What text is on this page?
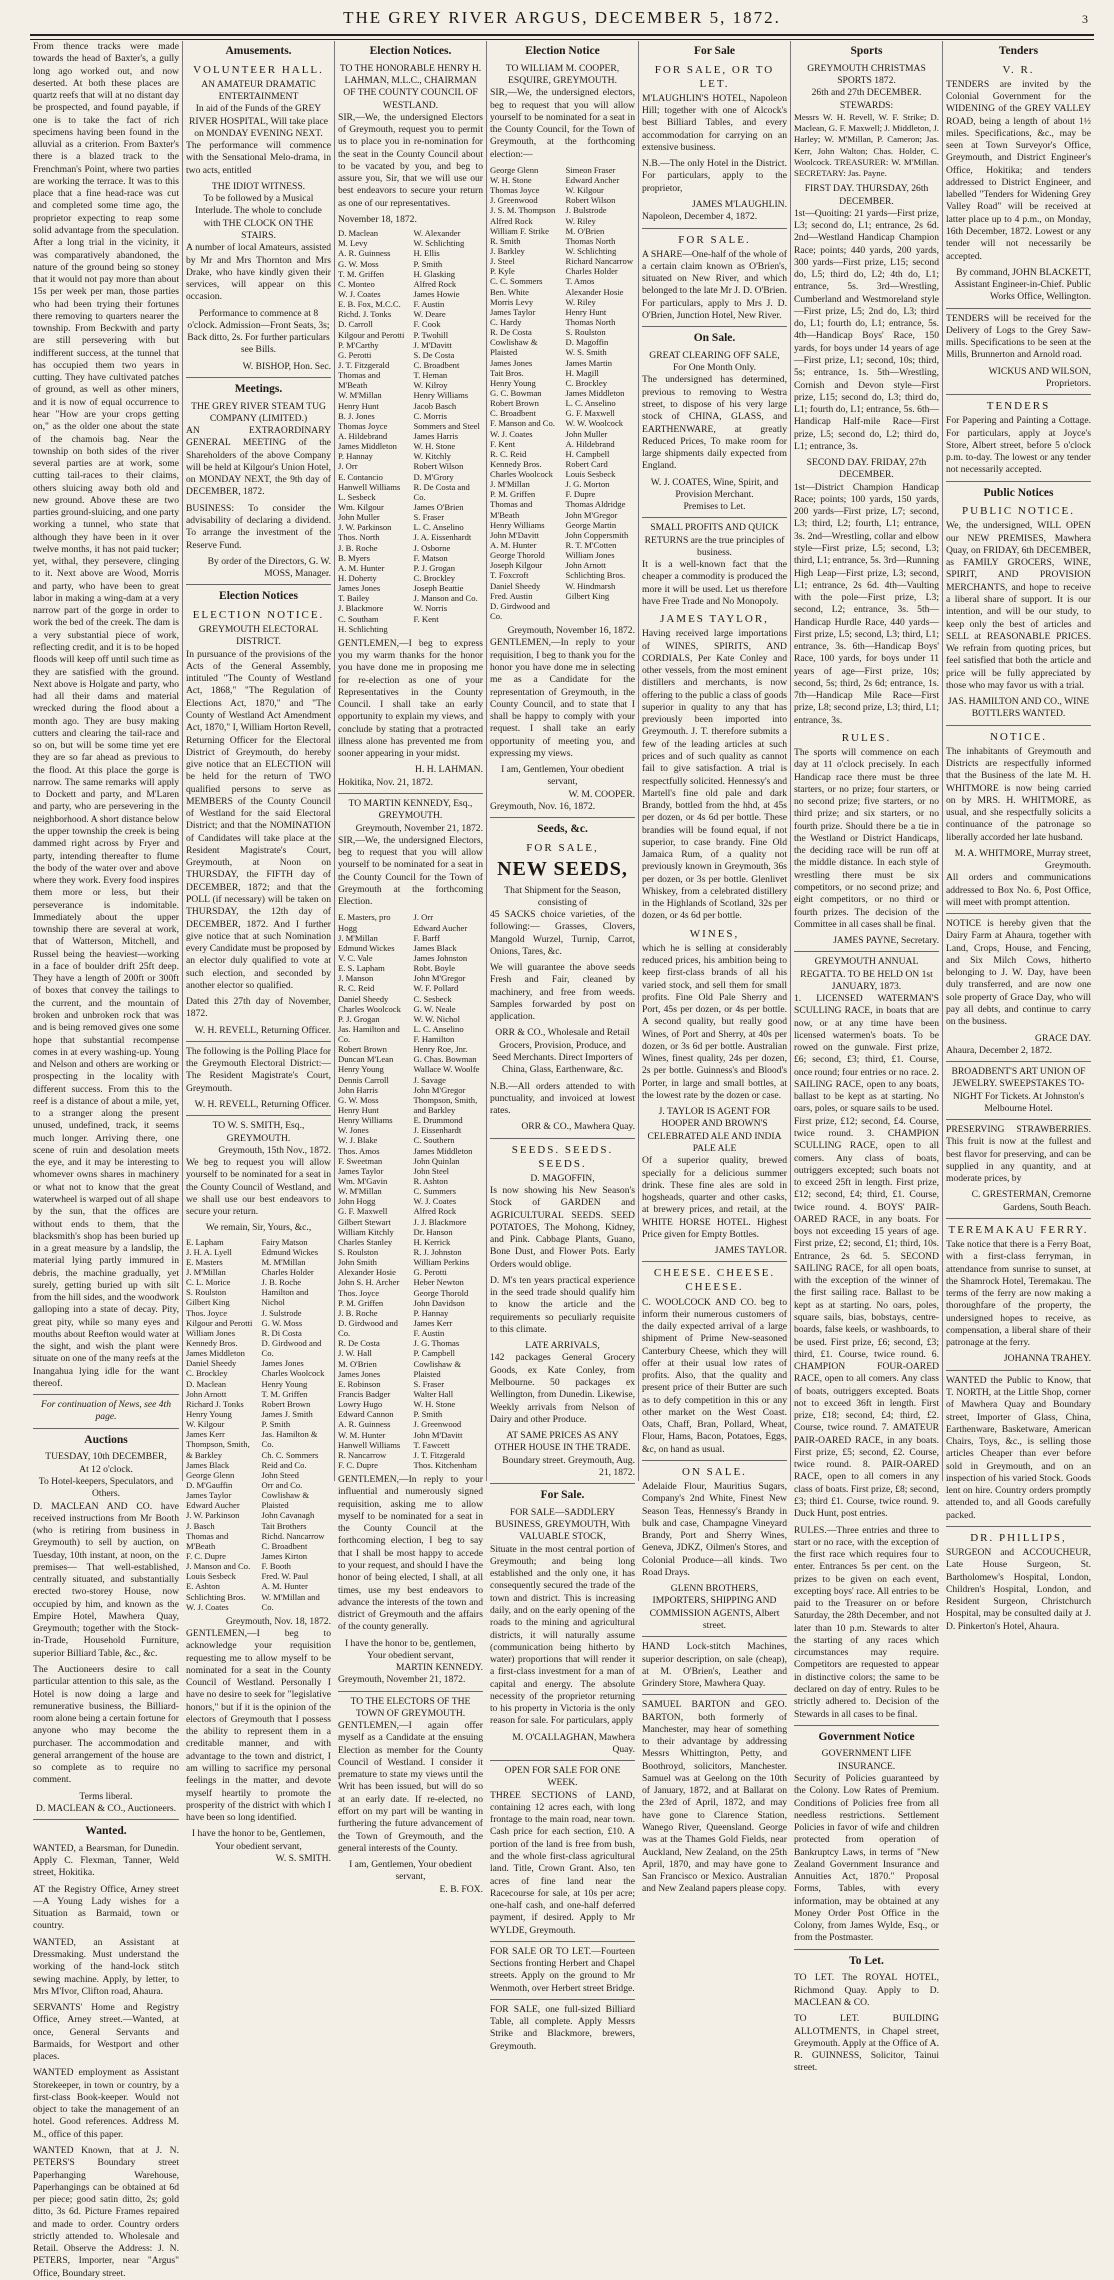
THE GREY RIVER ARGUS, DECEMBER 5, 1872.	3

From thence tracks were made towards the head of Baxter's, a gully long ago worked out, and now deserted. At both these places are quartz reefs that will at no distant day be prospected, and found payable, if one is to take the fact of rich specimens having been found in the alluvial as a criterion. From Baxter's there is a blazed track to the Frenchman's Point, where two parties are working the terrace. It was to this place that a fine head-race was cut and completed some time ago, the proprietor expecting to reap some solid advantage from the speculation. After a long trial in the vicinity, it was comparatively abandoned, the nature of the ground being so stoney that it would not pay more than about 15s per week per man, those parties who had been trying their fortunes there removing to quarters nearer the township. From Beckwith and party are still persevering with but indifferent success, at the tunnel that has occupied them two years in cutting. They have cultivated patches of ground, as well as other miners, and it is now of equal occurrence to hear "How are your crops getting on," as the older one about the state of the chamois bag. Near the township on both sides of the river several parties are at work, some cutting tail-races to their claims, others sluicing away both old and new ground. Above these are two parties ground-sluicing, and one party working a tunnel, who state that although they have been in it over twelve months, it has not paid tucker; yet, withal, they persevere, clinging to it. Next above are Wood, Morris and party, who have been to great labor in making a wing-dam at a very narrow part of the gorge in order to work the bed of the creek. The dam is a very substantial piece of work, reflecting credit, and it is to be hoped floods will keep off until such time as they are satisfied with the ground. Next above is Holgate and party, who had all their dams and material wrecked during the flood about a month ago. They are busy making cutters and clearing the tail-race and so on, but will be some time yet ere they are so far ahead as previous to the flood. At this place the gorge is narrow. The same remarks will apply to Dockett and party, and M'Laren and party, who are persevering in the neighborhood. A short distance below the upper township the creek is being dammed right across by Fryer and party, intending thereafter to flume the body of the water over and above where they work. Every food inspires them more or less, but their perseverance is indomitable. Immediately about the upper township there are several at work, that of Watterson, Mitchell, and Russel being the heaviest—working in a face of boulder drift 25ft deep. They have a length of 200ft or 300ft of boxes that convey the tailings to the current, and the mountain of broken and unbroken rock that was and is being removed gives one some hope that substantial recompense comes in at every washing-up. Young and Nelson and others are working or prospecting in the locality with different success. From this to the reef is a distance of about a mile, yet, to a stranger along the present unused, undefined, track, it seems much longer. Arriving there, one scene of ruin and desolation meets the eye, and it may be interesting to whomever owns shares in machinery or what not to know that the great waterwheel is warped out of all shape by the sun, that the offices are without ends to them, that the blacksmith's shop has been buried up in a great measure by a landslip, the material lying partly immured in debris, the machine gradually, yet surely, getting buried up with silt from the hill sides, and the woodwork galloping into a state of decay. Pity, great pity, while so many eyes and mouths about Reefton would water at the sight, and wish the plant were situate on one of the many reefs at the Inangahua lying idle for the want thereof.

For continuation of News, see 4th page.
Auctions
TUESDAY, 10th DECEMBER,
At 12 o'clock.
To Hotel-keepers, Speculators, and Others.

D. MACLEAN AND CO. have received instructions from Mr Booth (who is retiring from business in Greymouth) to sell by auction, on Tuesday, 10th instant, at noon, on the premises— That well-established, centrally situated, and substantially erected two-storey House, now occupied by him, and known as the Empire Hotel, Mawhera Quay, Greymouth; together with the Stock-in-Trade, Household Furniture, superior Billiard Table, &c., &c.

The Auctioneers desire to call particular attention to this sale, as the Hotel is now doing a large and remunerative business, the Billiard-room alone being a certain fortune for anyone who may become the purchaser. The accommodation and general arrangement of the house are so complete as to require no comment.

Terms liberal.
D. MACLEAN & CO., Auctioneers.
Wanted.

WANTED, a Bearsman, for Dunedin. Apply C. Flexman, Tanner, Weld street, Hokitika.

AT the Registry Office, Arney street—A Young Lady wishes for a Situation as Barmaid, town or country.

WANTED, an Assistant at Dressmaking. Must understand the working of the hand-lock stitch sewing machine. Apply, by letter, to Mrs M'Ivor, Clifton road, Ahaura.

SERVANTS' Home and Registry Office, Arney street.—Wanted, at once, General Servants and Barmaids, for Westport and other places.

WANTED employment as Assistant Storekeeper, in town or country, by a first-class Book-keeper. Would not object to take the management of an hotel. Good references. Address M. M., office of this paper.

WANTED Known, that at J. N. PETERS'S Boundary street Paperhanging Warehouse, Paperhangings can be obtained at 6d per piece; good satin ditto, 2s; gold ditto, 3s 6d. Picture Frames repaired and made to order. Country orders strictly attended to. Wholesale and Retail. Observe the Address: J. N. PETERS, Importer, near "Argus" Office, Boundary street.

Amusements.
VOLUNTEER HALL.
AN AMATEUR DRAMATIC ENTERTAINMENT
In aid of the Funds of the GREY RIVER HOSPITAL, Will take place on MONDAY EVENING NEXT.

The performance will commence with the Sensational Melo-drama, in two acts, entitled

THE IDIOT WITNESS.
To be followed by a Musical Interlude. The whole to conclude with THE CLOCK ON THE STAIRS.

A number of local Amateurs, assisted by Mr and Mrs Thornton and Mrs Drake, who have kindly given their services, will appear on this occasion.

Performance to commence at 8 o'clock. Admission—Front Seats, 3s; Back ditto, 2s. For further particulars see Bills.

W. BISHOP, Hon. Sec.
Meetings.
THE GREY RIVER STEAM TUG COMPANY (LIMITED.)

AN EXTRAORDINARY GENERAL MEETING of the Shareholders of the above Company will be held at Kilgour's Union Hotel, on MONDAY NEXT, the 9th day of DECEMBER, 1872.

BUSINESS: To consider the advisability of declaring a dividend. To arrange the investment of the Reserve Fund.

By order of the Directors, G. W. MOSS, Manager.
Election Notices
ELECTION NOTICE.
GREYMOUTH ELECTORAL DISTRICT.

In pursuance of the provisions of the Acts of the General Assembly, intituled "The County of Westland Act, 1868," "The Regulation of Elections Act, 1870," and "The County of Westland Act Amendment Act, 1870," I, William Horton Revell, Returning Officer for the Electoral District of Greymouth, do hereby give notice that an ELECTION will be held for the return of TWO qualified persons to serve as MEMBERS of the County Council of Westland for the said Electoral District; and that the NOMINATION of Candidates will take place at the Resident Magistrate's Court, Greymouth, at Noon on THURSDAY, the FIFTH day of DECEMBER, 1872; and that the POLL (if necessary) will be taken on THURSDAY, the 12th day of DECEMBER, 1872. And I further give notice that at such Nomination every Candidate must be proposed by an elector duly qualified to vote at such election, and seconded by another elector so qualified.

Dated this 27th day of November, 1872.

W. H. REVELL, Returning Officer.

The following is the Polling Place for the Greymouth Electoral District:— The Resident Magistrate's Court, Greymouth.

W. H. REVELL, Returning Officer.
TO W. S. SMITH, Esq., GREYMOUTH.
Greymouth, 15th Nov., 1872.

We beg to request you will allow yourself to be nominated for a seat in the County Council of Westland, and we shall use our best endeavors to secure your return.

We remain, Sir, Yours, &c.,
E. Lapham
J. H. A. Lyell
E. Masters
J. M'Millan
C. L. Morice
S. Roulston
Gilbert King
Thos. Joyce
Kilgour and Perotti
William Jones
Kennedy Bros.
James Middleton
Daniel Sheedy
C. Brockley
D. Maclean
John Arnott
Richard J. Tonks
Henry Young
W. Kilgour
James Kerr
Thompson, Smith, & Barkley
James Black
George Glenn
D. M'Gauffin
James Taylor
Edward Aucher
J. W. Parkinson
J. Basch
Thomas and M'Beath
F. C. Dupre
J. Manson and Co.
Louis Sesbeck
E. Ashton
Schlichting Bros.
W. J. Coates
Fairy Matson
Edmund Wickes
M. M'Millan
Charles Holder
J. B. Roche
Hamilton and Nichol
J. Sulstrode
G. W. Moss
R. Di Costa
D. Girdwood and Co.
James Jones
Charles Woolcock
Henry Young
T. M. Griffen
Robert Brown
James J. Smith
P. Smith
Jas. Hamilton & Co.
Ch. C. Sommers
Reid and Co.
John Steed
Orr and Co.
Cowlishaw & Plaisted
John Cavanagh
Tait Brothers
Richd. Nancarrow
C. Broadbent
James Kirton
F. Booth
Fred. W. Paul
A. M. Hunter
W. M'Millan and Co.
Greymouth, Nov. 18, 1872.

GENTLEMEN,—I beg to acknowledge your requisition requesting me to allow myself to be nominated for a seat in the County Council of Westland. Personally I have no desire to seek for "legislative honors," but if it is the opinion of the electors of Greymouth that I possess the ability to represent them in a creditable manner, and with advantage to the town and district, I am willing to sacrifice my personal feelings in the matter, and devote myself heartily to promote the prosperity of the district with which I have been so long identified.

I have the honor to be, Gentlemen, Your obedient servant,
W. S. SMITH.
Election Notices.
TO THE HONORABLE HENRY H. LAHMAN, M.L.C., CHAIRMAN OF THE COUNTY COUNCIL OF WESTLAND.

SIR,—We, the undersigned Electors of Greymouth, request you to permit us to place you in re-nomination for the seat in the County Council about to be vacated by you, and beg to assure you, Sir, that we will use our best endeavors to secure your return as one of our representatives.

November 18, 1872.
D. Maclean
M. Levy
A. R. Guinness
G. W. Moss
T. M. Griffen
C. Monteo
W. J. Coates
E. B. Fox, M.C.C.
Richd. J. Tonks
D. Carroll
Kilgour and Perotti
P. M'Carthy
G. Perotti
J. T. Fitzgerald
Thomas and M'Beath
W. M'Millan
Henry Hunt
B. J. Jones
Thomas Joyce
A. Hildebrand
James Middleton
P. Hannay
J. Orr
E. Contancio
Hanwell Williams
L. Sesbeck
Wm. Kilgour
John Muller
J. W. Parkinson
Thos. North
J. B. Roche
B. Myers
A. M. Hunter
H. Doherty
James Jones
T. Bailey
J. Blackmore
C. Southam
H. Schlichting
W. Alexander
W. Schlichting
H. Ellis
P. Smith
H. Glasking
Alfred Rock
James Howie
F. Austin
W. Deare
F. Cook
P. Twohill
J. M'Davitt
S. De Costa
C. Broadbent
T. Heman
W. Kilroy
Henry Williams
Jacob Basch
C. Morris
Sommers and Steel
James Harris
W. H. Stone
W. Kitchly
Robert Wilson
D. M'Grory
R. De Costa and Co.
James O'Brien
S. Fraser
L. C. Anselino
J. A. Eissenhardt
J. Osborne
F. Matson
P. J. Grogan
C. Brockley
Joseph Beattie
J. Manson and Co.
W. Norris
F. Kent

GENTLEMEN,—I beg to express you my warm thanks for the honor you have done me in proposing me for re-election as one of your Representatives in the County Council. I shall take an early opportunity to explain my views, and conclude by stating that a protracted illness alone has prevented me from sooner appearing in your midst.

H. H. LAHMAN.
Hokitika, Nov. 21, 1872.
TO MARTIN KENNEDY, Esq., GREYMOUTH.
Greymouth, November 21, 1872.

SIR,—We, the undersigned Electors, beg to request that you will allow yourself to be nominated for a seat in the County Council for the Town of Greymouth at the forthcoming Election.

E. Masters, pro Hogg
J. M'Millan
Edmund Wickes
V. C. Vale
E. S. Lapham
J. Manson
R. C. Reid
Daniel Sheedy
Charles Woolcock
P. J. Grogan
Jas. Hamilton and Co.
Robert Brown
Duncan M'Lean
Henry Young
Dennis Carroll
John Harris
G. W. Moss
Henry Hunt
Henry Williams
W. Jones
W. J. Blake
Thos. Amos
F. Sweetman
James Taylor
Wm. M'Gavin
W. M'Millan
John Hogg
G. F. Maxwell
Gilbert Stewart
William Kitchly
Charles Stanley
S. Roulston
John Smith
Alexander Hosie
John S. H. Archer
Thos. Joyce
P. M. Griffen
J. B. Roche
D. Girdwood and Co.
R. De Costa
J. W. Hall
M. O'Brien
James Jones
E. Robinson
Francis Badger
Lowry Hugo
Edward Cannon
A. R. Guinness
W. M. Hunter
Hanwell Williams
R. Nancarrow
F. C. Dupre
J. Orr
Edward Aucher
F. Barff
James Black
James Johnston
Robt. Boyle
John M'Gregor
W. F. Pollard
C. Sesbeck
G. W. Neale
W. W. Nichol
L. C. Anselino
F. Hamilton
Henry Roe, Jnr.
G. Chas. Bowman
Wallace W. Woolfe
J. Savage
John M'Gregor
Thompson, Smith, and Barkley
E. Drummond
J. Eissenhardt
C. Southern
James Middleton
John Quinlan
John Steel
R. Ashton
C. Summers
W. J. Coates
Alfred Rock
J. J. Blackmore
Dr. Hanson
H. Kerrick
R. J. Johnston
William Perkins
G. Perotti
Heber Newton
George Thorold
John Davidson
P. Hannay
James Kerr
F. Austin
J. G. Thomas
P. Campbell
Cowlishaw & Plaisted
S. Fraser
Walter Hall
W. H. Stone
P. Smith
J. Greenwood
John M'Davitt
T. Fawcett
J. T. Fitzgerald
Thos. Kitchenham

GENTLEMEN,—In reply to your influential and numerously signed requisition, asking me to allow myself to be nominated for a seat in the County Council at the forthcoming election, I beg to say that I shall be most happy to accede to your request, and should I have the honor of being elected, I shall, at all times, use my best endeavors to advance the interests of the town and district of Greymouth and the affairs of the county generally.

I have the honor to be, gentlemen, Your obedient servant,
MARTIN KENNEDY.
Greymouth, November 21, 1872.
TO THE ELECTORS OF THE TOWN OF GREYMOUTH.

GENTLEMEN,—I again offer myself as a Candidate at the ensuing Election as member for the County Council of Westland. I consider it premature to state my views until the Writ has been issued, but will do so at an early date. If re-elected, no effort on my part will be wanting in furthering the future advancement of the Town of Greymouth, and the general interests of the County.

I am, Gentlemen, Your obedient servant,
E. B. FOX.
Election Notice
TO WILLIAM M. COOPER, ESQUIRE, GREYMOUTH.

SIR,—We, the undersigned electors, beg to request that you will allow yourself to be nominated for a seat in the County Council, for the Town of Greymouth, at the forthcoming election:—

George Glenn
W. H. Stone
Thomas Joyce
J. Greenwood
J. S. M. Thompson
Alfred Rock
William F. Strike
R. Smith
J. Barkley
J. Steel
P. Kyle
C. C. Sommers
Ben. White
Morris Levy
James Taylor
C. Hardy
R. De Costa
Cowlishaw & Plaisted
James Jones
Tait Bros.
Henry Young
G. C. Bowman
Robert Brown
C. Broadbent
F. Manson and Co.
W. J. Coates
F. Kent
R. C. Reid
Kennedy Bros.
Charles Woolcock
J. M'Millan
P. M. Griffen
Thomas and M'Beath
Henry Williams
John M'Davitt
A. M. Hunter
George Thorold
Joseph Kilgour
T. Foxcroft
Daniel Sheedy
Fred. Austin
D. Girdwood and Co.
Simeon Fraser
Edward Ancher
W. Kilgour
Robert Wilson
J. Bulstrode
W. Riley
M. O'Brien
Thomas North
W. Schlichting
Richard Nancarrow
Charles Holder
T. Amos
Alexander Hosie
W. Riley
Henry Hunt
Thomas North
S. Roulston
D. Magoffin
W. S. Smith
James Martin
H. Magill
C. Brockley
James Middleton
L. C. Anselino
G. F. Maxwell
W. W. Woolcock
John Muller
A. Hildebrand
H. Campbell
Robert Card
Louis Sesbeck
J. G. Morton
F. Dupre
Thomas Aldridge
John M'Gregor
George Martin
John Coppersmith
R. T. M'Cotten
William Jones
John Arnott
Schlichting Bros.
W. Hindmarsh
Gilbert King
Greymouth, November 16, 1872.

GENTLEMEN,—In reply to your requisition, I beg to thank you for the honor you have done me in selecting me as a Candidate for the representation of Greymouth, in the County Council, and to state that I shall be happy to comply with your request. I shall take an early opportunity of meeting you, and expressing my views.

I am, Gentlemen, Your obedient servant,
W. M. COOPER.
Greymouth, Nov. 16, 1872.
Seeds, &c.
FOR SALE,
NEW SEEDS,
That Shipment for the Season, consisting of

45 SACKS choice varieties, of the following:— Grasses, Clovers, Mangold Wurzel, Turnip, Carrot, Onions, Tares, &c.

We will guarantee the above seeds Fresh and Fair, cleaned by machinery, and free from weeds. Samples forwarded by post on application.

ORR & CO., Wholesale and Retail Grocers, Provision, Produce, and Seed Merchants. Direct Importers of China, Glass, Earthenware, &c.

N.B.—All orders attended to with punctuality, and invoiced at lowest rates.

ORR & CO., Mawhera Quay.
SEEDS. SEEDS. SEEDS.
D. MAGOFFIN,

Is now showing his New Season's Stock of GARDEN and AGRICULTURAL SEEDS. SEED POTATOES, The Mohong, Kidney, and Pink. Cabbage Plants, Guano, Bone Dust, and Flower Pots. Early Orders would oblige.

D. M's ten years practical experience in the seed trade should qualify him to know the article and the requirements so peculiarly requisite to this climate.

LATE ARRIVALS,

142 packages General Grocery Goods, ex Kate Conley, from Melbourne. 50 packages ex Wellington, from Dunedin. Likewise, Weekly arrivals from Nelson of Dairy and other Produce.

AT SAME PRICES AS ANY OTHER HOUSE IN THE TRADE.
Boundary street. Greymouth, Aug. 21, 1872.
For Sale.
FOR SALE—SADDLERY BUSINESS, GREYMOUTH, With VALUABLE STOCK,

Situate in the most central portion of Greymouth; and being long established and the only one, it has consequently secured the trade of the town and district. This is increasing daily, and on the early opening of the roads to the mining and agricultural districts, it will naturally assume (communication being hitherto by water) proportions that will render it a first-class investment for a man of capital and energy. The absolute necessity of the proprietor returning to his property in Victoria is the only reason for sale. For particulars, apply

M. O'CALLAGHAN, Mawhera Quay.
OPEN FOR SALE FOR ONE WEEK.

THREE SECTIONS of LAND, containing 12 acres each, with long frontage to the main road, near town. Cash price for each section, £10. A portion of the land is free from bush, and the whole first-class agricultural land. Title, Crown Grant. Also, ten acres of fine land near the Racecourse for sale, at 10s per acre; one-half cash, and one-half deferred payment, if desired. Apply to Mr WYLDE, Greymouth.

FOR SALE OR TO LET.—Fourteen Sections fronting Herbert and Chapel streets. Apply on the ground to Mr Wenmoth, over Herbert street Bridge.

FOR SALE, one full-sized Billiard Table, all complete. Apply Messrs Strike and Blackmore, brewers, Greymouth.

For Sale
FOR SALE, OR TO LET.

M'LAUGHLIN'S HOTEL, Napoleon Hill; together with one of Alcock's best Billiard Tables, and every accommodation for carrying on an extensive business.

N.B.—The only Hotel in the District. For particulars, apply to the proprietor,

JAMES M'LAUGHLIN.
Napoleon, December 4, 1872.
FOR SALE.

A SHARE—One-half of the whole of a certain claim known as O'Brien's, situated on New River, and which belonged to the late Mr J. D. O'Brien. For particulars, apply to Mrs J. D. O'Brien, Junction Hotel, New River.

On Sale.
GREAT CLEARING OFF SALE, For One Month Only.

The undersigned has determined, previous to removing to Westra street, to dispose of his very large stock of CHINA, GLASS, and EARTHENWARE, at greatly Reduced Prices, To make room for large shipments daily expected from England.

W. J. COATES, Wine, Spirit, and Provision Merchant.
Premises to Let.
SMALL PROFITS AND QUICK RETURNS are the true principles of business.

It is a well-known fact that the cheaper a commodity is produced the more it will be used. Let us therefore have Free Trade and No Monopoly.

JAMES TAYLOR,

Having received large importations of WINES, SPIRITS, AND CORDIALS, Per Kate Conley and other vessels, from the most eminent distillers and merchants, is now offering to the public a class of goods superior in quality to any that has previously been imported into Greymouth. J. T. therefore submits a few of the leading articles at such prices and of such quality as cannot fail to give satisfaction. A trial is respectfully solicited. Hennessy's and Martell's fine old pale and dark Brandy, bottled from the hhd, at 45s per dozen, or 4s 6d per bottle. These brandies will be found equal, if not superior, to case brandy. Fine Old Jamaica Rum, of a quality not previously known in Greymouth, 36s per dozen, or 3s per bottle. Glenlivet Whiskey, from a celebrated distillery in the Highlands of Scotland, 32s per dozen, or 4s 6d per bottle.

WINES,

which he is selling at considerably reduced prices, his ambition being to keep first-class brands of all his varied stock, and sell them for small profits. Fine Old Pale Sherry and Port, 45s per dozen, or 4s per bottle. A second quality, but really good Wines, of Port and Sherry, at 40s per dozen, or 3s 6d per bottle. Australian Wines, finest quality, 24s per dozen, 2s per bottle. Guinness's and Blood's Porter, in large and small bottles, at the lowest rate by the dozen or case.

J. TAYLOR IS AGENT FOR HOOPER AND BROWN'S CELEBRATED ALE AND INDIA PALE ALE

Of a superior quality, brewed specially for a delicious summer drink. These fine ales are sold in hogsheads, quarter and other casks, at brewery prices, and retail, at the WHITE HORSE HOTEL. Highest Price given for Empty Bottles.

JAMES TAYLOR.
CHEESE. CHEESE. CHEESE.

C. WOOLCOCK AND CO. beg to inform their numerous customers of the daily expected arrival of a large shipment of Prime New-seasoned Canterbury Cheese, which they will offer at their usual low rates of profits. Also, that the quality and present price of their Butter are such as to defy competition in this or any other market on the West Coast. Oats, Chaff, Bran, Pollard, Wheat, Flour, Hams, Bacon, Potatoes, Eggs, &c, on hand as usual.

ON SALE.

Adelaide Flour, Mauritius Sugars, Company's 2nd White, Finest New Season Teas, Hennessy's Brandy in bulk and case, Champagne Vineyard Brandy, Port and Sherry Wines, Geneva, JDKZ, Oilmen's Stores, and Colonial Produce—all kinds. Two Road Drays.

GLENN BROTHERS, IMPORTERS, SHIPPING AND COMMISSION AGENTS, Albert street.

HAND Lock-stitch Machines, superior description, on sale (cheap), at M. O'Brien's, Leather and Grindery Store, Mawhera Quay.

SAMUEL BARTON and GEO. BARTON, both formerly of Manchester, may hear of something to their advantage by addressing Messrs Whittington, Petty, and Boothroyd, solicitors, Manchester. Samuel was at Geelong on the 10th of January, 1872, and at Ballarat on the 23rd of April, 1872, and may have gone to Clarence Station, Wanego River, Queensland. George was at the Thames Gold Fields, near Auckland, New Zealand, on the 25th April, 1870, and may have gone to San Francisco or Mexico. Australian and New Zealand papers please copy.

Sports
GREYMOUTH CHRISTMAS SPORTS 1872.
26th and 27th DECEMBER.
STEWARDS:

Messrs W. H. Revell, W. F. Strike; D. Maclean, G. F. Maxwell; J. Middleton, J. Harley; W. M'Millan, P. Cameron; Jas. Kerr, John Walton; Chas. Holder, C. Woolcock. TREASURER: W. M'Millan. SECRETARY: Jas. Payne.

FIRST DAY. THURSDAY, 26th DECEMBER.

1st—Quoiting: 21 yards—First prize, L3; second do, L1; entrance, 2s 6d. 2nd—Westland Handicap Champion Race; points; 440 yards, 200 yards, 300 yards—First prize, L15; second do, L5; third do, L2; 4th do, L1; entrance, 5s. 3rd—Wrestling, Cumberland and Westmoreland style—First prize, L5; 2nd do, L3; third do, L1; fourth do, L1; entrance, 5s. 4th—Handicap Boys' Race, 150 yards, for boys under 14 years of age—First prize, L1; second, 10s; third, 5s; entrance, 1s. 5th—Wrestling, Cornish and Devon style—First prize, L15; second do, L3; third do, L1; fourth do, L1; entrance, 5s. 6th—Handicap Half-mile Race—First prize, L5; second do, L2; third do, L1; entrance, 3s.

SECOND DAY. FRIDAY, 27th DECEMBER.

1st—District Champion Handicap Race; points; 100 yards, 150 yards, 200 yards—First prize, L7; second, L3; third, L2; fourth, L1; entrance, 3s. 2nd—Wrestling, collar and elbow style—First prize, L5; second, L3; third, L1; entrance, 5s. 3rd—Running High Leap—First prize, L3; second, L1; entrance, 2s 6d. 4th—Vaulting with the pole—First prize, L3; second, L2; entrance, 3s. 5th—Handicap Hurdle Race, 440 yards—First prize, L5; second, L3; third, L1; entrance, 3s. 6th—Handicap Boys' Race, 100 yards, for boys under 11 years of age—First prize, 10s; second, 5s; third, 2s 6d; entrance, 1s. 7th—Handicap Mile Race—First prize, L8; second prize, L3; third, L1; entrance, 3s.

RULES.

The sports will commence on each day at 11 o'clock precisely. In each Handicap race there must be three starters, or no prize; four starters, or no second prize; five starters, or no third prize; and six starters, or no fourth prize. Should there be a tie in the Westland or District Handicaps, the deciding race will be run off at the middle distance. In each style of wrestling there must be six competitors, or no second prize; and eight competitors, or no third or fourth prizes. The decision of the Committee in all cases shall be final.

JAMES PAYNE, Secretary.
GREYMOUTH ANNUAL REGATTA. TO BE HELD ON 1st JANUARY, 1873.

1. LICENSED WATERMAN'S SCULLING RACE, in boats that are now, or at any time have been licensed watermen's boats. To be rowed on the gunwale. First prize, £6; second, £3; third, £1. Course, once round; four entries or no race. 2. SAILING RACE, open to any boats, ballast to be kept as at starting. No oars, poles, or square sails to be used. First prize, £12; second, £4. Course, twice round. 3. CHAMPION SCULLING RACE, open to all comers. Any class of boats, outriggers excepted; such boats not to exceed 25ft in length. First prize, £12; second, £4; third, £1. Course, twice round. 4. BOYS' PAIR-OARED RACE, in any boats. For boys not exceeding 15 years of age. First prize, £2; second, £1; third, 10s. Entrance, 2s 6d. 5. SECOND SAILING RACE, for all open boats, with the exception of the winner of the first sailing race. Ballast to be kept as at starting. No oars, poles, square sails, bias, bobstays, centre-boards, false keels, or washboards, to be used. First prize, £6; second, £3; third, £1. Course, twice round. 6. CHAMPION FOUR-OARED RACE, open to all comers. Any class of boats, outriggers excepted. Boats not to exceed 36ft in length. First prize, £18; second, £4; third, £2. Course, twice round. 7. AMATEUR PAIR-OARED RACE, in any boats. First prize, £5; second, £2. Course, twice round. 8. PAIR-OARED RACE, open to all comers in any class of boats. First prize, £8; second, £3; third £1. Course, twice round. 9. Duck Hunt, post entries.

RULES.—Three entries and three to start or no race, with the exception of the first race which requires four to enter. Entrances 5s per cent. on the prizes to be given on each event, excepting boys' race. All entries to be paid to the Treasurer on or before Saturday, the 28th December, and not later than 10 p.m. Stewards to alter the starting of any races which circumstances may require. Competitors are requested to appear in distinctive colors; the same to be declared on day of entry. Rules to be strictly adhered to. Decision of the Stewards in all cases to be final.

Government Notice
GOVERNMENT LIFE INSURANCE.

Security of Policies guaranteed by the Colony. Low Rates of Premium. Conditions of Policies free from all needless restrictions. Settlement Policies in favor of wife and children protected from operation of Bankruptcy Laws, in terms of "New Zealand Government Insurance and Annuities Act, 1870." Proposal Forms, Tables, with every information, may be obtained at any Money Order Post Office in the Colony, from James Wylde, Esq., or from the Postmaster.

To Let.

TO LET. The ROYAL HOTEL, Richmond Quay. Apply to D. MACLEAN & CO.

TO LET. BUILDING ALLOTMENTS, in Chapel street, Greymouth. Apply at the Office of A. R. GUINNESS, Solicitor, Tainui street.

Tenders
V. R.

TENDERS are invited by the Colonial Government for the WIDENING of the GREY VALLEY ROAD, being a length of about 1½ miles. Specifications, &c., may be seen at Town Surveyor's Office, Greymouth, and District Engineer's Office, Hokitika; and tenders addressed to District Engineer, and labelled "Tenders for Widening Grey Valley Road" will be received at latter place up to 4 p.m., on Monday, 16th December, 1872. Lowest or any tender will not necessarily be accepted.

By command, JOHN BLACKETT, Assistant Engineer-in-Chief. Public Works Office, Wellington.

TENDERS will be received for the Delivery of Logs to the Grey Saw-mills. Specifications to be seen at the Mills, Brunnerton and Arnold road.

WICKUS AND WILSON, Proprietors.
TENDERS

For Papering and Painting a Cottage. For particulars, apply at Joyce's Store, Albert street, before 5 o'clock p.m. to-day. The lowest or any tender not necessarily accepted.

Public Notices
PUBLIC NOTICE.

We, the undersigned, WILL OPEN our NEW PREMISES, Mawhera Quay, on FRIDAY, 6th DECEMBER, as FAMILY GROCERS, WINE, SPIRIT, AND PROVISION MERCHANTS, and hope to receive a liberal share of support. It is our intention, and will be our study, to keep only the best of articles and SELL at REASONABLE PRICES. We refrain from quoting prices, but feel satisfied that both the article and price will be fully appreciated by those who may favor us with a trial.

JAS. HAMILTON AND CO., WINE BOTTLERS WANTED.
NOTICE.

The inhabitants of Greymouth and Districts are respectfully informed that the Business of the late M. H. WHITMORE is now being carried on by MRS. H. WHITMORE, as usual, and she respectfully solicits a continuance of the patronage so liberally accorded her late husband.

M. A. WHITMORE, Murray street, Greymouth.

All orders and communications addressed to Box No. 6, Post Office, will meet with prompt attention.

NOTICE is hereby given that the Dairy Farm at Ahaura, together with Land, Crops, House, and Fencing, and Six Milch Cows, hitherto belonging to J. W. Day, have been duly transferred, and are now one sole property of Grace Day, who will pay all debts, and continue to carry on the business.

GRACE DAY.
Ahaura, December 2, 1872.

BROADBENT'S ART UNION OF JEWELRY. SWEEPSTAKES TO-NIGHT For Tickets. At Johnston's Melbourne Hotel.

PRESERVING STRAWBERRIES. This fruit is now at the fullest and best flavor for preserving, and can be supplied in any quantity, and at moderate prices, by

C. GRESTERMAN, Cremorne Gardens, South Beach.
TEREMAKAU FERRY.

Take notice that there is a Ferry Boat, with a first-class ferryman, in attendance from sunrise to sunset, at the Shamrock Hotel, Teremakau. The terms of the ferry are now making a thoroughfare of the property, the undersigned hopes to receive, as compensation, a liberal share of their patronage at the ferry.

JOHANNA TRAHEY.

WANTED the Public to Know, that T. NORTH, at the Little Shop, corner of Mawhera Quay and Boundary street, Importer of Glass, China, Earthenware, Basketware, American Chairs, Toys, &c., is selling those articles Cheaper than ever before sold in Greymouth, and on an inspection of his varied Stock. Goods lent on hire. Country orders promptly attended to, and all Goods carefully packed.

DR. PHILLIPS,

SURGEON and ACCOUCHEUR, Late House Surgeon, St. Bartholomew's Hospital, London, Children's Hospital, London, and Resident Surgeon, Christchurch Hospital, may be consulted daily at J. D. Pinkerton's Hotel, Ahaura.
